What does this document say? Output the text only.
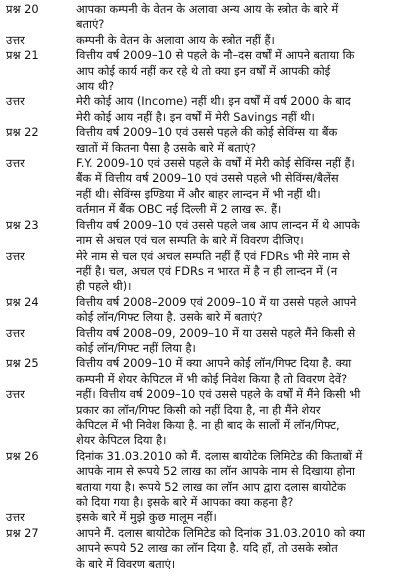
प्रश्न 20	आपका कम्पनी के वेतन के अलावा अन्य आय के स्त्रोत के बारे में
बताएं?
उत्तर	कम्पनी के वेतन के अलावा आय के स्त्रोत नहीं हैं।
प्रश्न 21	वित्तीय वर्ष 2009–10 से पहले के नौ–दस वर्षों में आपने बताया कि
आप कोई कार्य नहीं कर रहे थे तो क्या इन वर्षों में आपकी कोई
आय थी?
उत्तर	मेरी कोई आय (Income) नहीं थी। इन वर्षों में वर्ष 2000 के बाद
मेरी कोई आय नहीं है। इन वर्षों में मेरी Savings नहीं थी।
प्रश्न 22	वित्तीय वर्ष 2009–10 एवं उससे पहले की कोई सेविंग्स या बैंक
खातों में कितना पैसा है उसके बारे में बताएं?
उत्तर	F.Y. 2009-10 एवं उससे पहले के वर्षों में मेरी कोई सेविंग्स नहीं हैं।
बैंक में वित्तीय वर्ष 2009–10 एवं उससे पहले भी सेविंग्स/बैलेंस
नहीं थी। सेविंग्स इण्डिया में और बाहर लान्दन में भी नहीं थी।
वर्तमान में बैंक OBC नई दिल्ली में 2 लाख रू. हैं।
प्रश्न 23	वित्तीय वर्ष 2009–10 एवं उससे पहले जब आप लान्दन में थे आपके
नाम से अचल एवं चल सम्पति के बारे में विवरण दीजिए।
उत्तर	मेरे नाम से चल एवं अचल सम्पति नहीं हैं एवं FDRs भी मेरे नाम से
नहीं है। चल, अचल एवं FDRs न भारत में है न ही लान्दन में (न
ही पहले थी)।
प्रश्न 24	वित्तीय वर्ष 2008–2009 एवं 2009–10 में या उससे पहले आपने
कोई लॉन/गिफ्ट लिया है. उसके बारे में बताएं?
उत्तर	वित्तीय वर्ष 2008–09, 2009–10 में या उससे पहले मैंने किसी से
कोई लॉन/गिफ्ट नहीं लिया है।
प्रश्न 25	वित्तीय वर्ष 2009–10 में क्या आपने कोई लॉन/गिफ्ट दिया है. क्या
कम्पनी में शेयर केपिटल में भी कोई निवेश किया है तो विवरण देवें?
उत्तर	नहीं। वित्तीय वर्ष 2009–10 एवं उससे पहले के वर्षों में मैंने किसी भी
प्रकार का लॉन/गिफ्ट किसी को नहीं दिया है, ना ही मैंने शेयर
केपिटल में भी निवेश किया है. ना ही बाद के सालों में लॉन/गिफ्ट,
शेयर केपिटल दिया है।
प्रश्न 26	दिनांक 31.03.2010 को मैं. दलास बायोटेक लिमिटेड की किताबों में
आपके नाम से रूपये 52 लाख का लॉन आपके नाम से दिखाया होना
बताया गया है। रूपये 52 लाख का लॉन आप द्वारा दलास बायोटेक
को दिया गया है। इसके बारे में आपका क्या कहना है?
उत्तर	इसके बारे में मुझे कुछ मालूम नहीं।
प्रश्न 27	आपने मैं. दलास बायोटेक लिमिटेड को दिनांक 31.03.2010 को क्या
आपने रूपये 52 लाख का लॉन दिया है. यदि हाँ, तो उसके स्त्रोत
के बारे में विवरण बताएं।
